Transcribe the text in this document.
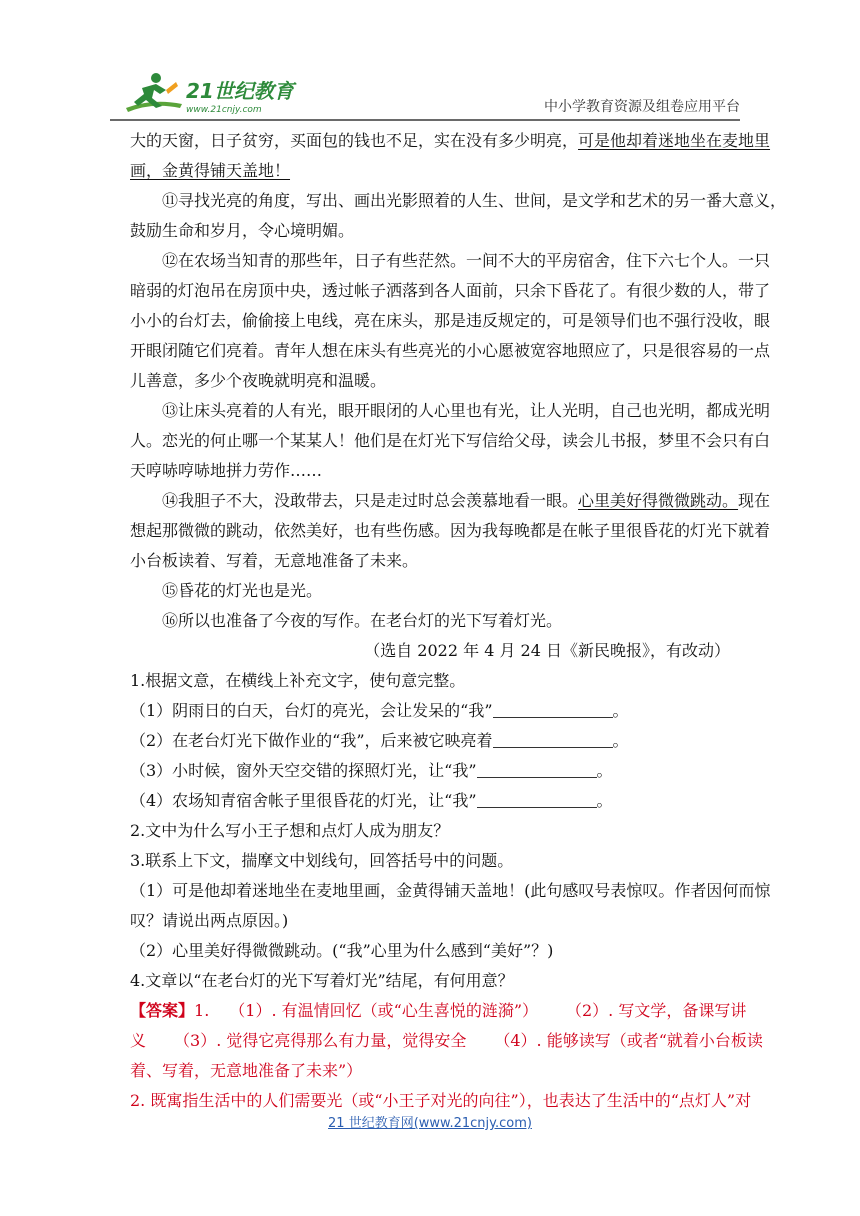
21世纪教育
www.21cnjy.com	中小学教育资源及组卷应用平台
大的天窗，日子贫穷，买面包的钱也不足，实在没有多少明亮，可是他却着迷地坐在麦地里
画，金黄得铺天盖地！
⑪寻找光亮的角度，写出、画出光影照着的人生、世间，是文学和艺术的另一番大意义，
鼓励生命和岁月，令心境明媚。
⑫在农场当知青的那些年，日子有些茫然。一间不大的平房宿舍，住下六七个人。一只
暗弱的灯泡吊在房顶中央，透过帐子洒落到各人面前，只余下昏花了。有很少数的人，带了
小小的台灯去，偷偷接上电线，亮在床头，那是违反规定的，可是领导们也不强行没收，眼
开眼闭随它们亮着。青年人想在床头有些亮光的小心愿被宽容地照应了，只是很容易的一点
儿善意，多少个夜晚就明亮和温暖。
⑬让床头亮着的人有光，眼开眼闭的人心里也有光，让人光明，自己也光明，都成光明
人。恋光的何止哪一个某某人！他们是在灯光下写信给父母，读会儿书报，梦里不会只有白
天哼哧哼哧地拼力劳作……
⑭我胆子不大，没敢带去，只是走过时总会羡慕地看一眼。心里美好得微微跳动。现在
想起那微微的跳动，依然美好，也有些伤感。因为我每晚都是在帐子里很昏花的灯光下就着
小台板读着、写着，无意地准备了未来。
⑮昏花的灯光也是光。
⑯所以也准备了今夜的写作。在老台灯的光下写着灯光。
（选自 2022 年 4 月 24 日《新民晚报》，有改动）
1.根据文意，在横线上补充文字，使句意完整。
（1）阴雨日的白天，台灯的亮光，会让发呆的“我”	。
（2）在老台灯光下做作业的“我”，后来被它映亮着	。
（3）小时候，窗外天空交错的探照灯光，让“我”	。
（4）农场知青宿舍帐子里很昏花的灯光，让“我”	。
2.文中为什么写小王子想和点灯人成为朋友？
3.联系上下文，揣摩文中划线句，回答括号中的问题。
（1）可是他却着迷地坐在麦地里画，金黄得铺天盖地！(此句感叹号表惊叹。作者因何而惊
叹？请说出两点原因。)
（2）心里美好得微微跳动。(“我”心里为什么感到“美好”？)
4.文章以“在老台灯的光下写着灯光”结尾，有何用意？
【答案】1. （1）. 有温情回忆（或“心生喜悦的涟漪”） （2）. 写文学，备课写讲
义 （3）. 觉得它亮得那么有力量，觉得安全 （4）. 能够读写（或者“就着小台板读
着、写着，无意地准备了未来”）
2. 既寓指生活中的人们需要光（或“小王子对光的向往”），也表达了生活中的“点灯人”对
21 世纪教育网(www.21cnjy.com)
